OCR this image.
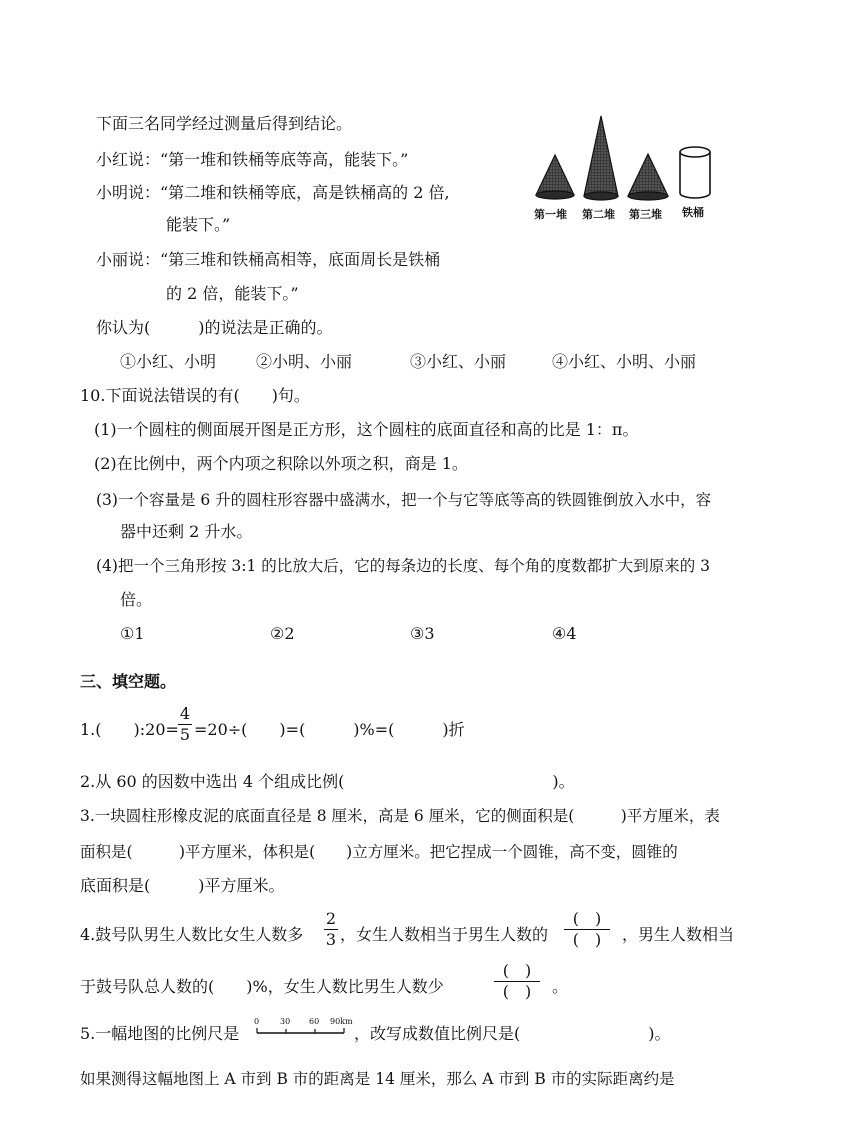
下面三名同学经过测量后得到结论。
小红说：“第一堆和铁桶等底等高，能装下。”
小明说：“第二堆和铁桶等底，高是铁桶高的 2 倍,
能装下。”
小丽说：“第三堆和铁桶高相等，底面周长是铁桶
的 2 倍，能装下。”
你认为(　　　)的说法是正确的。
①小红、小明 ②小明、小丽	③小红、小丽	④小红、小明、小丽
第一堆 第二堆 第三堆 铁桶
10.下面说法错误的有(　　)句。
(1)一个圆柱的侧面展开图是正方形，这个圆柱的底面直径和高的比是 1：π。
(2)在比例中，两个内项之积除以外项之积，商是 1。
(3)一个容量是 6 升的圆柱形容器中盛满水，把一个与它等底等高的铁圆锥倒放入水中，容
器中还剩 2 升水。
(4)把一个三角形按 3:1 的比放大后，它的每条边的长度、每个角的度数都扩大到原来的 3
倍。
①1	②2	③3	④4
三、填空题。
1.(　　):20=
4
5 =20÷(　　)=(　　　)%=(　　　)折
2.从 60 的因数中选出 4 个组成比例(　　　　　　　　　　　　　)。
3.一块圆柱形橡皮泥的底面直径是 8 厘米，高是 6 厘米，它的侧面积是(　　　)平方厘米，表
面积是(　　　)平方厘米，体积是(　　)立方厘米。把它捏成一个圆锥，高不变，圆锥的
底面积是(　　　)平方厘米。
4.鼓号队男生人数比女生人数多
2
3 ，女生人数相当于男生人数的
(　)
(　)	，男生人数相当
于鼓号队总人数的(　　)%，女生人数比男生人数少
(　)
(　)	。
5.一幅地图的比例尺是
0	30 60 90km
，改写成数值比例尺是(　　　　　　　　)。
如果测得这幅地图上 A 市到 B 市的距离是 14 厘米，那么 A 市到 B 市的实际距离约是
